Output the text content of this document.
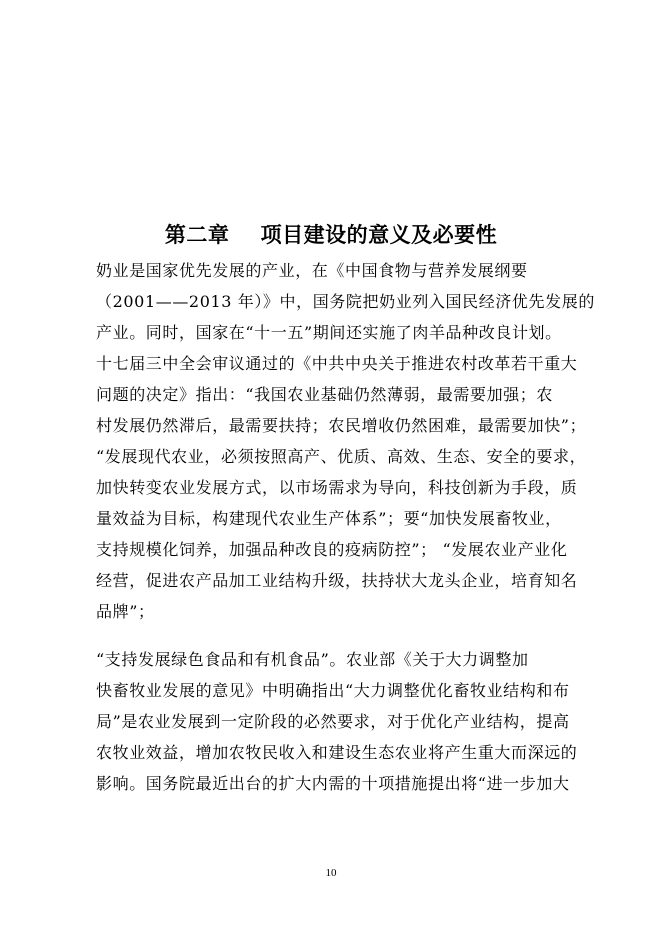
第二章    项目建设的意义及必要性
奶业是国家优先发展的产业，在《中国食物与营养发展纲要
（2001——2013 年）》中，国务院把奶业列入国民经济优先发展的
产业。同时，国家在“十一五”期间还实施了肉羊品种改良计划。
十七届三中全会审议通过的《中共中央关于推进农村改革若干重大
问题的决定》指出：“我国农业基础仍然薄弱，最需要加强；农
村发展仍然滞后，最需要扶持；农民增收仍然困难，最需要加快”；
“发展现代农业，必须按照高产、优质、高效、生态、安全的要求，
加快转变农业发展方式，以市场需求为导向，科技创新为手段，质
量效益为目标，构建现代农业生产体系”；要“加快发展畜牧业，
支持规模化饲养，加强品种改良的疫病防控”； “发展农业产业化
经营，促进农产品加工业结构升级，扶持状大龙头企业，培育知名
品牌”；
“支持发展绿色食品和有机食品”。农业部《关于大力调整加
快畜牧业发展的意见》中明确指出“大力调整优化畜牧业结构和布
局”是农业发展到一定阶段的必然要求，对于优化产业结构，提高
农牧业效益，增加农牧民收入和建设生态农业将产生重大而深远的
影响。国务院最近出台的扩大内需的十项措施提出将“进一步加大
10
